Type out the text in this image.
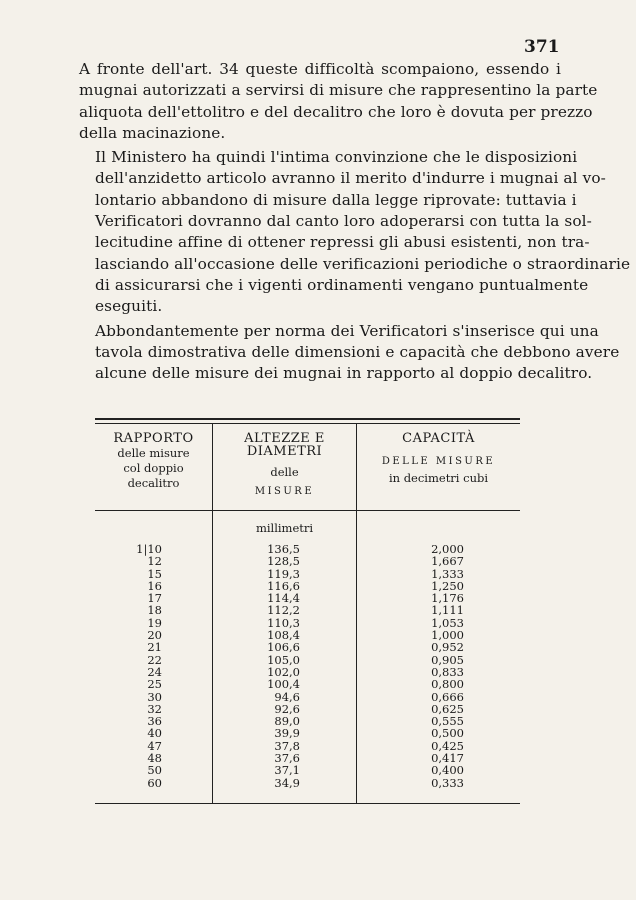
371

A fronte dell'art. 34 queste difficoltà scompaiono, essendo i
mugnai autorizzati a servirsi di misure che rappresentino la parte
aliquota dell'ettolitro e del decalitro che loro è dovuta per prezzo
della macinazione.

Il Ministero ha quindi l'intima convinzione che le disposizioni
dell'anzidetto articolo avranno il merito d'indurre i mugnai al vo-
lontario abbandono di misure dalla legge riprovate: tuttavia i
Verificatori dovranno dal canto loro adoperarsi con tutta la sol-
lecitudine affine di ottener repressi gli abusi esistenti, non tra-
lasciando all'occasione delle verificazioni periodiche o straordinarie
di assicurarsi che i vigenti ordinamenti vengano puntualmente
eseguiti.

Abbondantemente per norma dei Verificatori s'inserisce qui una
tavola dimostrativa delle dimensioni e capacità che debbono avere
alcune delle misure dei mugnai in rapporto al doppio decalitro.

RAPPORTO
delle misure
col doppio
decalitro
ALTEZZE E DIAMETRI
delle
MISURE
CAPACITÀ
DELLE MISURE
in decimetri cubi
1|10
12
15
16
17
18
19
20
21
22
24
25
30
32
36
40
47
48
50
60
millimetri
136,5
128,5
119,3
116,6
114,4
112,2
110,3
108,4
106,6
105,0
102,0
100,4
94,6
92,6
89,0
39,9
37,8
37,6
37,1
34,9
2,000
1,667
1,333
1,250
1,176
1,111
1,053
1,000
0,952
0,905
0,833
0,800
0,666
0,625
0,555
0,500
0,425
0,417
0,400
0,333
